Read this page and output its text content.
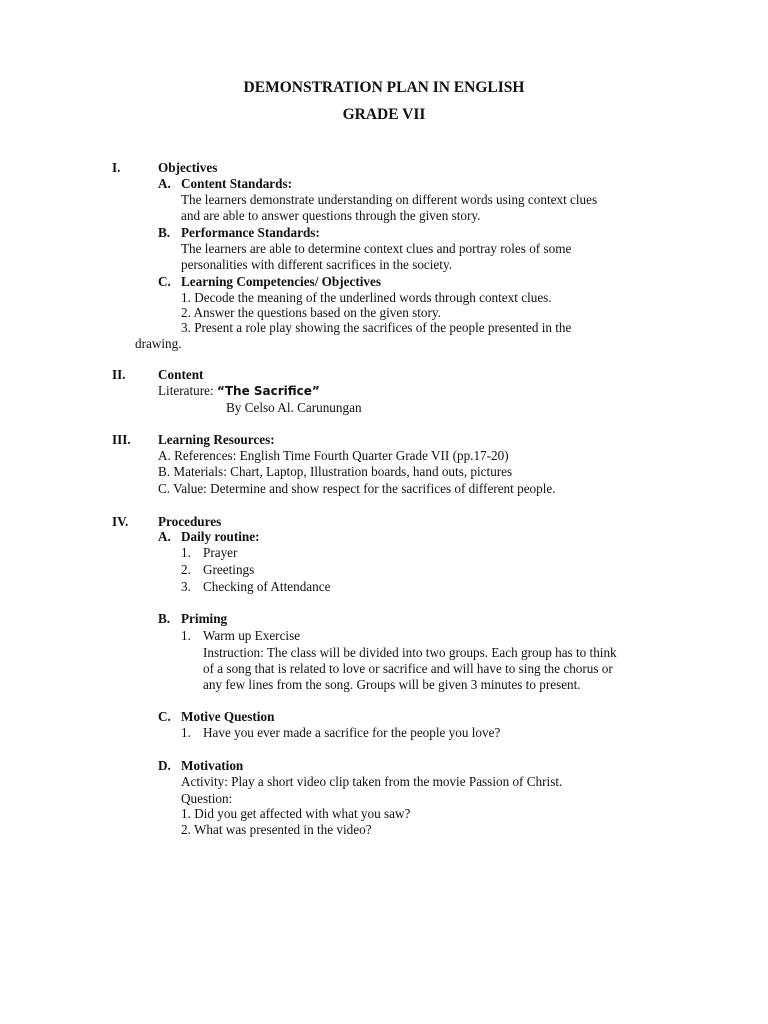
DEMONSTRATION PLAN IN ENGLISH
GRADE VII
I.	Objectives
A. Content Standards:
The learners demonstrate understanding on different words using context clues
and are able to answer questions through the given story.
B. Performance Standards:
The learners are able to determine context clues and portray roles of some
personalities with different sacrifices in the society.
C. Learning Competencies/ Objectives
1. Decode the meaning of the underlined words through context clues.
2. Answer the questions based on the given story.
3. Present a role play showing the sacrifices of the people presented in the
drawing.
II. Content
Literature: “The Sacrifice”
By Celso Al. Carunungan
III. Learning Resources:
A. References: English Time Fourth Quarter Grade VII (pp.17-20)
B. Materials: Chart, Laptop, Illustration boards, hand outs, pictures
C. Value: Determine and show respect for the sacrifices of different people.
IV. Procedures
A. Daily routine:
1. Prayer
2. Greetings
3. Checking of Attendance
B. Priming
1. Warm up Exercise
Instruction: The class will be divided into two groups. Each group has to think
of a song that is related to love or sacrifice and will have to sing the chorus or
any few lines from the song. Groups will be given 3 minutes to present.
C. Motive Question
1. Have you ever made a sacrifice for the people you love?
D. Motivation
Activity: Play a short video clip taken from the movie Passion of Christ.
Question:
1. Did you get affected with what you saw?
2. What was presented in the video?
